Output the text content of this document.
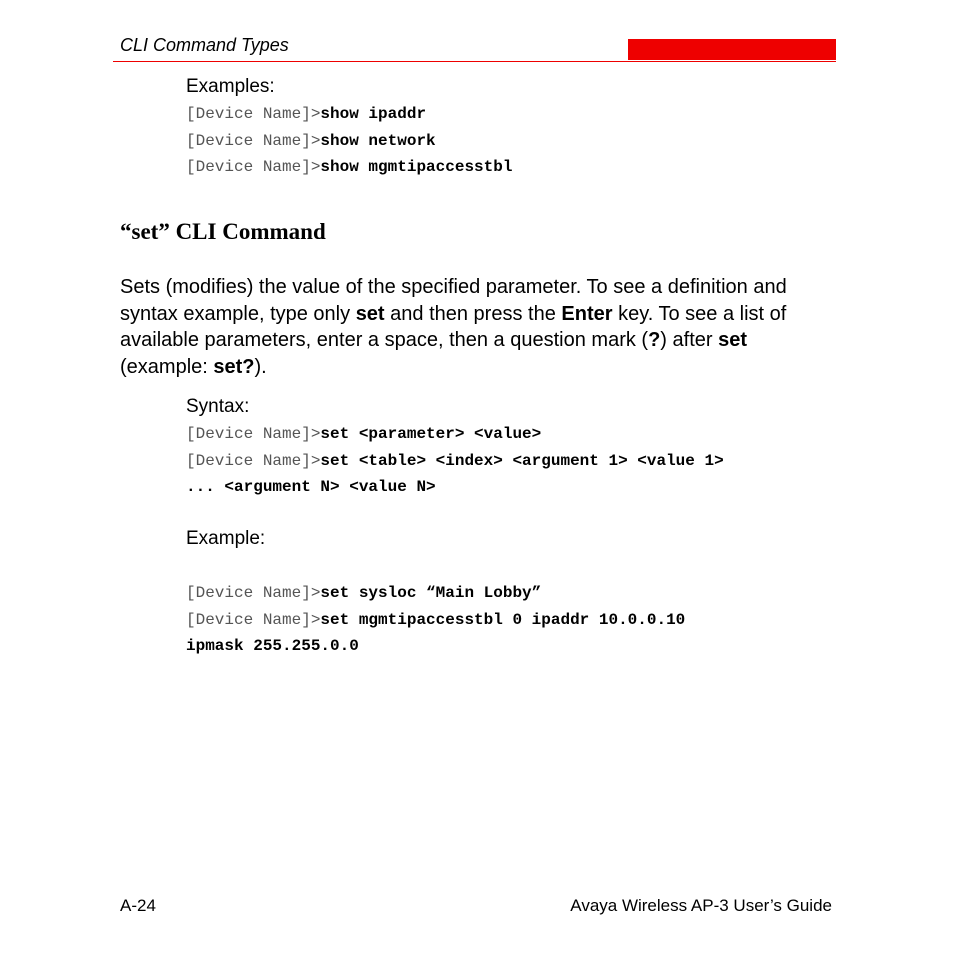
CLI Command Types
Examples:
[Device Name]>show ipaddr
[Device Name]>show network
[Device Name]>show mgmtipaccesstbl
“set” CLI Command
Sets (modifies) the value of the specified parameter. To see a definition and syntax example, type only set and then press the Enter key. To see a list of available parameters, enter a space, then a question mark (?) after set (example: set?).
Syntax:
[Device Name]>set <parameter> <value>
[Device Name]>set <table> <index> <argument 1> <value 1>
... <argument N> <value N>
Example:
[Device Name]>set sysloc “Main Lobby”
[Device Name]>set mgmtipaccesstbl 0 ipaddr 10.0.0.10
ipmask 255.255.0.0
A-24	Avaya Wireless AP-3 User’s Guide
